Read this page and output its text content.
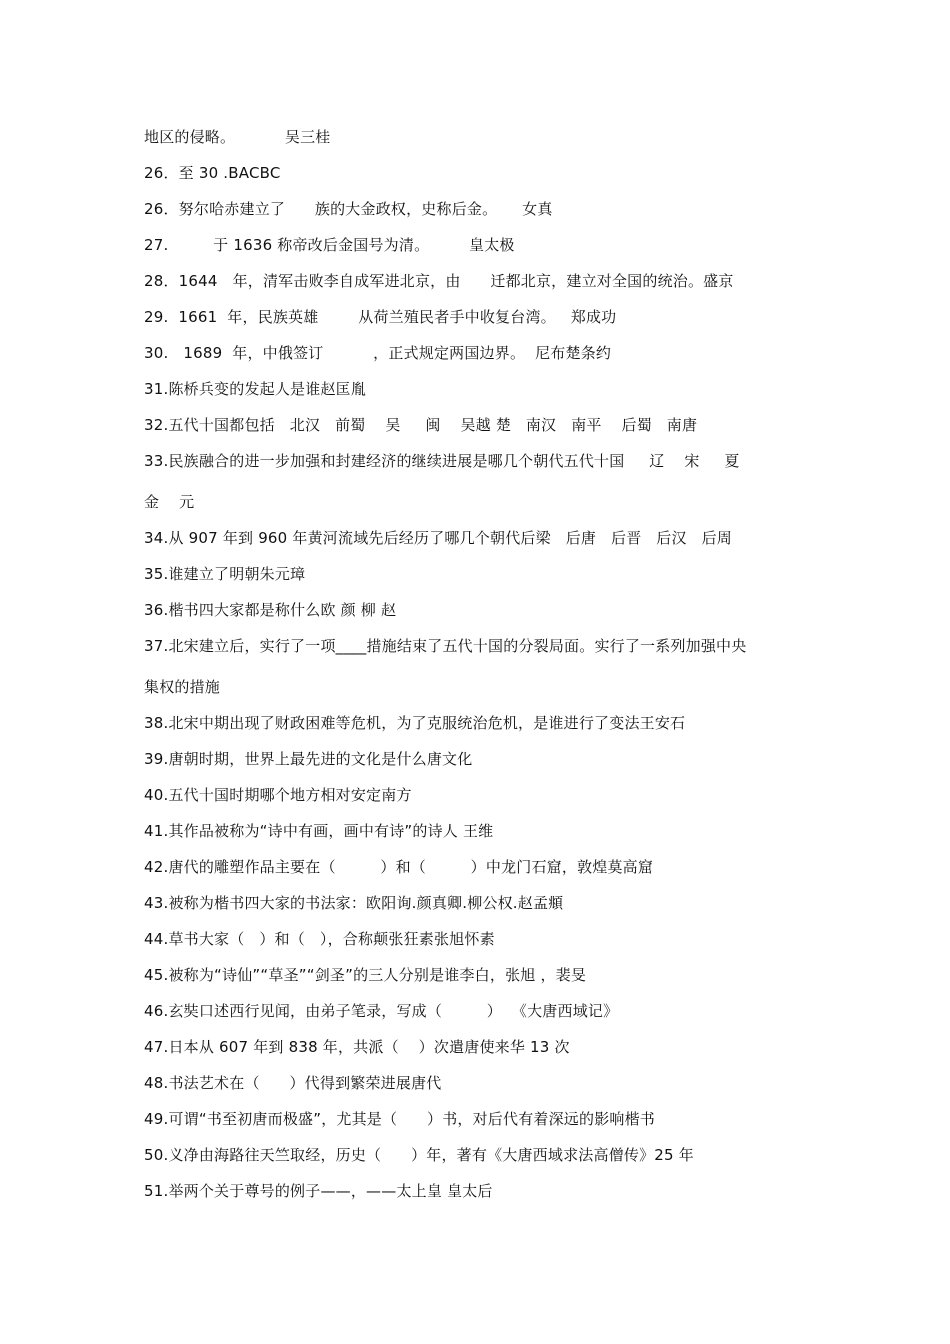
地区的侵略。          吴三桂
26．至 30 .BACBC
26．努尔哈赤建立了      族的大金政权，史称后金。     女真
27.         于 1636 称帝改后金国号为清。        皇太极
28．1644   年，清军击败李自成军进北京，由      迁都北京，建立对全国的统治。盛京
29.  1661  年，民族英雄        从荷兰殖民者手中收复台湾。   郑成功
30.   1689  年，中俄签订          ，正式规定两国边界。  尼布楚条约
31.陈桥兵变的发起人是谁赵匡胤
32.五代十国都包括   北汉   前蜀    吴     闽    吴越 楚   南汉   南平    后蜀   南唐
33.民族融合的进一步加强和封建经济的继续进展是哪几个朝代五代十国     辽    宋     夏
金    元
34.从 907 年到 960 年黄河流域先后经历了哪几个朝代后梁   后唐   后晋   后汉   后周
35.谁建立了明朝朱元璋
36.楷书四大家都是称什么欧 颜 柳 赵
37.北宋建立后，实行了一项____措施结束了五代十国的分裂局面。实行了一系列加强中央
集权的措施
38.北宋中期出现了财政困难等危机，为了克服统治危机，是谁进行了变法王安石
39.唐朝时期，世界上最先进的文化是什么唐文化
40.五代十国时期哪个地方相对安定南方
41.其作品被称为“诗中有画，画中有诗”的诗人 王维
42.唐代的雕塑作品主要在（         ）和（         ）中龙门石窟，敦煌莫高窟
43.被称为楷书四大家的书法家：欧阳询.颜真卿.柳公权.赵孟頫
44.草书大家（   ）和（   ），合称颠张狂素张旭怀素
45.被称为“诗仙”“草圣”“剑圣”的三人分别是谁李白，张旭 ，裴旻
46.玄奘口述西行见闻，由弟子笔录，写成（         ）  《大唐西域记》
47.日本从 607 年到 838 年，共派（    ）次遣唐使来华 13 次
48.书法艺术在（      ）代得到繁荣进展唐代
49.可谓“书至初唐而极盛”，尤其是（      ）书，对后代有着深远的影响楷书
50.义净由海路往天竺取经，历史（      ）年，著有《大唐西域求法高僧传》25 年
51.举两个关于尊号的例子——，——太上皇 皇太后
